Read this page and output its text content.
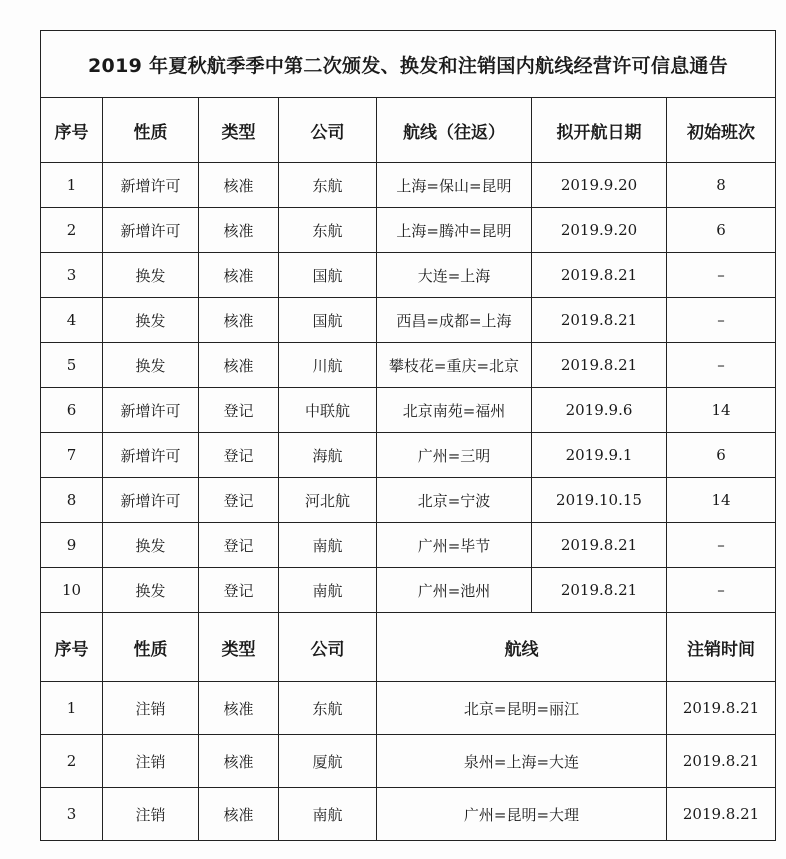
2019 年夏秋航季季中第二次颁发、换发和注销国内航线经营许可信息通告						
序号	性质	类型	公司	航线（往返）	拟开航日期	初始班次
1	新增许可	核准	东航	上海=保山=昆明	2019.9.20	8
2	新增许可	核准	东航	上海=腾冲=昆明	2019.9.20	6
3	换发	核准	国航	大连=上海	2019.8.21	–
4	换发	核准	国航	西昌=成都=上海	2019.8.21	–
5	换发	核准	川航	攀枝花=重庆=北京	2019.8.21	–
6	新增许可	登记	中联航	北京南苑=福州	2019.9.6	14
7	新增许可	登记	海航	广州=三明	2019.9.1	6
8	新增许可	登记	河北航	北京=宁波	2019.10.15	14
9	换发	登记	南航	广州=毕节	2019.8.21	–
10	换发	登记	南航	广州=池州	2019.8.21	–
序号	性质	类型	公司	航线		注销时间
1	注销	核准	东航	北京=昆明=丽江		2019.8.21
2	注销	核准	厦航	泉州=上海=大连		2019.8.21
3	注销	核准	南航	广州=昆明=大理		2019.8.21
